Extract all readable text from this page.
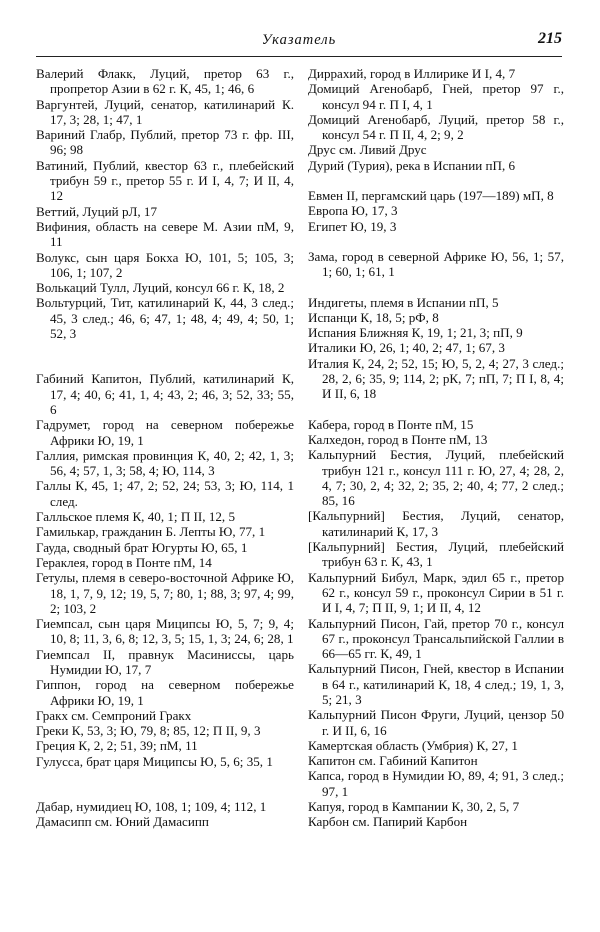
Указатель	215
Валерий Флакк, Луций, претор 63 г., пропретор Азии в 62 г. К, 45, 1; 46, 6
Варгунтей, Луций, сенатор, катилинарий К. 17, 3; 28, 1; 47, 1
Вариний Глабр, Публий, претор 73 г. фр. III, 96; 98
Ватиний, Публий, квестор 63 г., плебейский трибун 59 г., претор 55 г. И I, 4, 7; И II, 4, 12
Веттий, Луций рЛ, 17
Вифиния, область на севере М. Азии пМ, 9, 11
Волукс, сын царя Бокха Ю, 101, 5; 105, 3; 106, 1; 107, 2
Волькаций Тулл, Луций, консул 66 г. К, 18, 2
Вольтурций, Тит, катилинарий К, 44, 3 след.; 45, 3 след.; 46, 6; 47, 1; 48, 4; 49, 4; 50, 1; 52, 3
Габиний Капитон, Публий, катилинарий К, 17, 4; 40, 6; 41, 1, 4; 43, 2; 46, 3; 52, 33; 55, 6
Гадрумет, город на северном побережье Африки Ю, 19, 1
Галлия, римская провинция К, 40, 2; 42, 1, 3; 56, 4; 57, 1, 3; 58, 4; Ю, 114, 3
Галлы К, 45, 1; 47, 2; 52, 24; 53, 3; Ю, 114, 1 след.
Галльское племя К, 40, 1; П II, 12, 5
Гамилькар, гражданин Б. Лепты Ю, 77, 1
Гауда, сводный брат Югурты Ю, 65, 1
Гераклея, город в Понте пМ, 14
Гетулы, племя в северо-восточной Африке Ю, 18, 1, 7, 9, 12; 19, 5, 7; 80, 1; 88, 3; 97, 4; 99, 2; 103, 2
Гиемпсал, сын царя Миципсы Ю, 5, 7; 9, 4; 10, 8; 11, 3, 6, 8; 12, 3, 5; 15, 1, 3; 24, 6; 28, 1
Гиемпсал II, правнук Масиниссы, царь Нумидии Ю, 17, 7
Гиппон, город на северном побережье Африки Ю, 19, 1
Гракх см. Семпроний Гракх
Греки К, 53, 3; Ю, 79, 8; 85, 12; П II, 9, 3
Греция К, 2, 2; 51, 39; пМ, 11
Гулусса, брат царя Миципсы Ю, 5, 6; 35, 1
Дабар, нумидиец Ю, 108, 1; 109, 4; 112, 1
Дамасипп см. Юний Дамасипп
Диррахий, город в Иллирике И I, 4, 7
Домиций Агенобарб, Гней, претор 97 г., консул 94 г. П I, 4, 1
Домиций Агенобарб, Луций, претор 58 г., консул 54 г. П II, 4, 2; 9, 2
Друс см. Ливий Друс
Дурий (Турия), река в Испании пП, 6
Евмен II, пергамский царь (197—189) мП, 8
Европа Ю, 17, 3
Египет Ю, 19, 3
Зама, город в северной Африке Ю, 56, 1; 57, 1; 60, 1; 61, 1
Индигеты, племя в Испании пП, 5
Испанци К, 18, 5; рФ, 8
Испания Ближняя К, 19, 1; 21, 3; пП, 9
Италики Ю, 26, 1; 40, 2; 47, 1; 67, 3
Италия К, 24, 2; 52, 15; Ю, 5, 2, 4; 27, 3 след.; 28, 2, 6; 35, 9; 114, 2; рК, 7; пП, 7; П I, 8, 4; И II, 6, 18
Кабера, город в Понте пМ, 15
Калхедон, город в Понте пМ, 13
Кальпурний Бестия, Луций, плебейский трибун 121 г., консул 111 г. Ю, 27, 4; 28, 2, 4, 7; 30, 2, 4; 32, 2; 35, 2; 40, 4; 77, 2 след.; 85, 16
[Кальпурний] Бестия, Луций, сенатор, катилинарий К, 17, 3
[Кальпурний] Бестия, Луций, плебейский трибун 63 г. К, 43, 1
Кальпурний Бибул, Марк, эдил 65 г., претор 62 г., консул 59 г., проконсул Сирии в 51 г. И I, 4, 7; П II, 9, 1; И II, 4, 12
Кальпурний Писон, Гай, претор 70 г., консул 67 г., проконсул Трансальпийской Галлии в 66—65 гг. К, 49, 1
Кальпурний Писон, Гней, квестор в Испании в 64 г., катилинарий К, 18, 4 след.; 19, 1, 3, 5; 21, 3
Кальпурний Писон Фруги, Луций, цензор 50 г. И II, 6, 16
Камертская область (Умбрия) К, 27, 1
Капитон см. Габиний Капитон
Капса, город в Нумидии Ю, 89, 4; 91, 3 след.; 97, 1
Капуя, город в Кампании К, 30, 2, 5, 7
Карбон см. Папирий Карбон
